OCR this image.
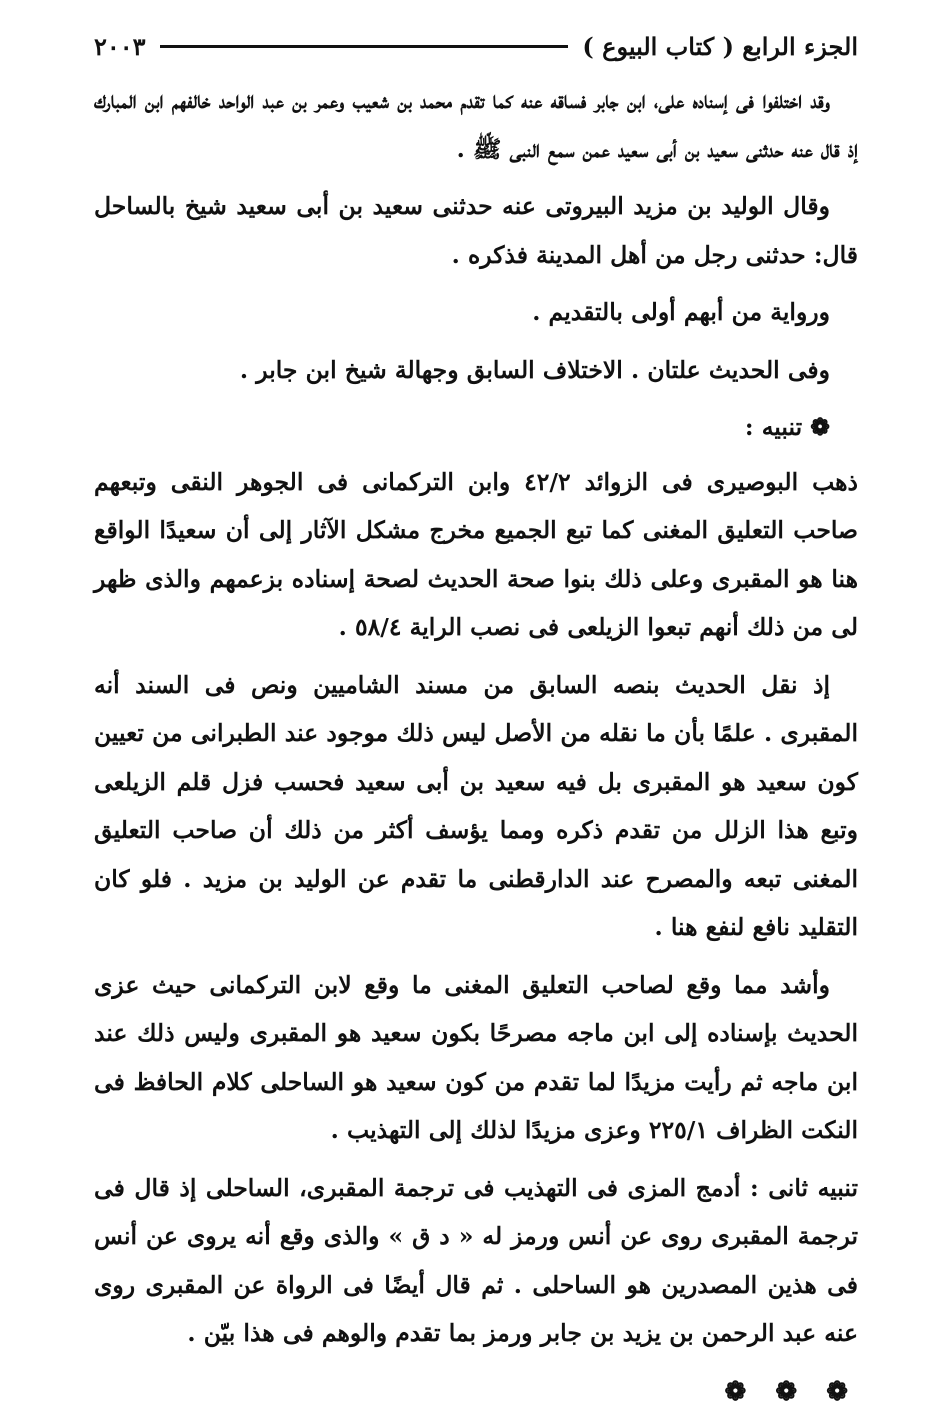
الجزء الرابع ( كتاب البيوع )
٢٠٠٣

وقد اختلفوا فى إسناده على، ابن جابر فساقه عنه كما تقدم محمد بن شعيب وعمر بن عبد الواحد خالفهم ابن المبارك إذ قال عنه حدثنى سعيد بن أبى سعيد عمن سمع النبى ﷺ .

وقال الوليد بن مزيد البيروتى عنه حدثنى سعيد بن أبى سعيد شيخ بالساحل قال: حدثنى رجل من أهل المدينة فذكره .

ورواية من أبهم أولى بالتقديم .

وفى الحديث علتان . الاختلاف السابق وجهالة شيخ ابن جابر .

❁ تنبيه :

ذهب البوصيرى فى الزوائد ٤٢/٢ وابن التركمانى فى الجوهر النقى وتبعهم صاحب التعليق المغنى كما تبع الجميع مخرج مشكل الآثار إلى أن سعيدًا الواقع هنا هو المقبرى وعلى ذلك بنوا صحة الحديث لصحة إسناده بزعمهم والذى ظهر لى من ذلك أنهم تبعوا الزيلعى فى نصب الراية ٥٨/٤ .

إذ نقل الحديث بنصه السابق من مسند الشاميين ونص فى السند أنه المقبرى . علمًا بأن ما نقله من الأصل ليس ذلك موجود عند الطبرانى من تعيين كون سعيد هو المقبرى بل فيه سعيد بن أبى سعيد فحسب فزل قلم الزيلعى وتبع هذا الزلل من تقدم ذكره ومما يؤسف أكثر من ذلك أن صاحب التعليق المغنى تبعه والمصرح عند الدارقطنى ما تقدم عن الوليد بن مزيد . فلو كان التقليد نافع لنفع هنا .

وأشد مما وقع لصاحب التعليق المغنى ما وقع لابن التركمانى حيث عزى الحديث بإسناده إلى ابن ماجه مصرحًا بكون سعيد هو المقبرى وليس ذلك عند ابن ماجه ثم رأيت مزيدًا لما تقدم من كون سعيد هو الساحلى كلام الحافظ فى النكت الظراف ٢٢٥/١ وعزى مزيدًا لذلك إلى التهذيب .

تنبيه ثانى : أدمج المزى فى التهذيب فى ترجمة المقبرى، الساحلى إذ قال فى ترجمة المقبرى روى عن أنس ورمز له « د ق » والذى وقع أنه يروى عن أنس فى هذين المصدرين هو الساحلى . ثم قال أيضًا فى الرواة عن المقبرى روى عنه عبد الرحمن بن يزيد بن جابر ورمز بما تقدم والوهم فى هذا بيّن .

❁ ❁ ❁
